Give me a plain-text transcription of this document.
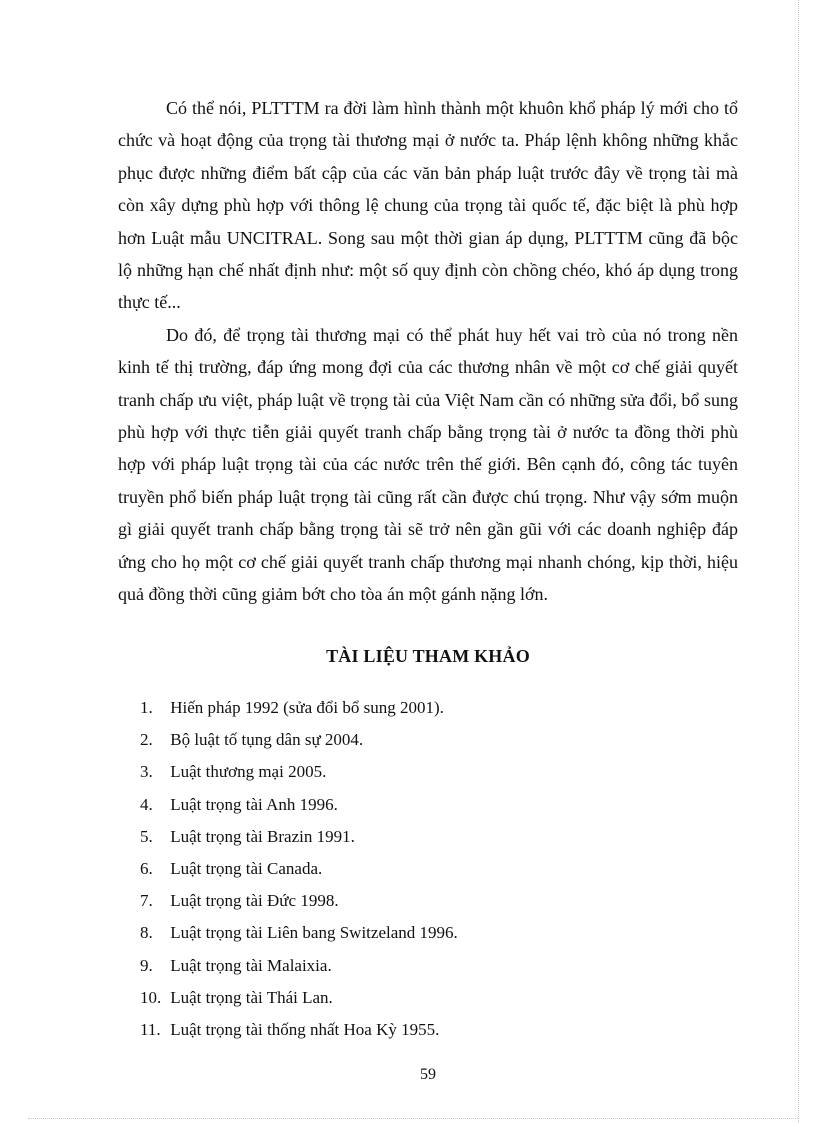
Có thể nói, PLTTTM ra đời làm hình thành một khuôn khổ pháp lý mới cho tổ chức và hoạt động của trọng tài thương mại ở nước ta. Pháp lệnh không những khắc phục được những điểm bất cập của các văn bản pháp luật trước đây về trọng tài mà còn xây dựng phù hợp với thông lệ chung của trọng tài quốc tế, đặc biệt là phù hợp hơn Luật mẫu UNCITRAL. Song sau một thời gian áp dụng, PLTTTM cũng đã bộc lộ những hạn chế nhất định như: một số quy định còn chồng chéo, khó áp dụng trong thực tế...

Do đó, để trọng tài thương mại có thể phát huy hết vai trò của nó trong nền kinh tế thị trường, đáp ứng mong đợi của các thương nhân về một cơ chế giải quyết tranh chấp ưu việt, pháp luật về trọng tài của Việt Nam cần có những sửa đổi, bổ sung phù hợp với thực tiễn giải quyết tranh chấp bằng trọng tài ở nước ta đồng thời phù hợp với pháp luật trọng tài của các nước trên thế giới. Bên cạnh đó, công tác tuyên truyền phổ biến pháp luật trọng tài cũng rất cần được chú trọng. Như vậy sớm muộn gì giải quyết tranh chấp bằng trọng tài sẽ trở nên gần gũi với các doanh nghiệp đáp ứng cho họ một cơ chế giải quyết tranh chấp thương mại nhanh chóng, kịp thời, hiệu quả đồng thời cũng giảm bớt cho tòa án một gánh nặng lớn.

TÀI LIỆU THAM KHẢO
1. Hiến pháp 1992 (sửa đổi bổ sung 2001).
2. Bộ luật tố tụng dân sự 2004.
3. Luật thương mại 2005.
4. Luật trọng tài Anh 1996.
5. Luật trọng tài Brazin 1991.
6. Luật trọng tài Canada.
7. Luật trọng tài Đức 1998.
8. Luật trọng tài Liên bang Switzeland 1996.
9. Luật trọng tài Malaixia.
10. Luật trọng tài Thái Lan.
11. Luật trọng tài thống nhất Hoa Kỳ 1955.
59
